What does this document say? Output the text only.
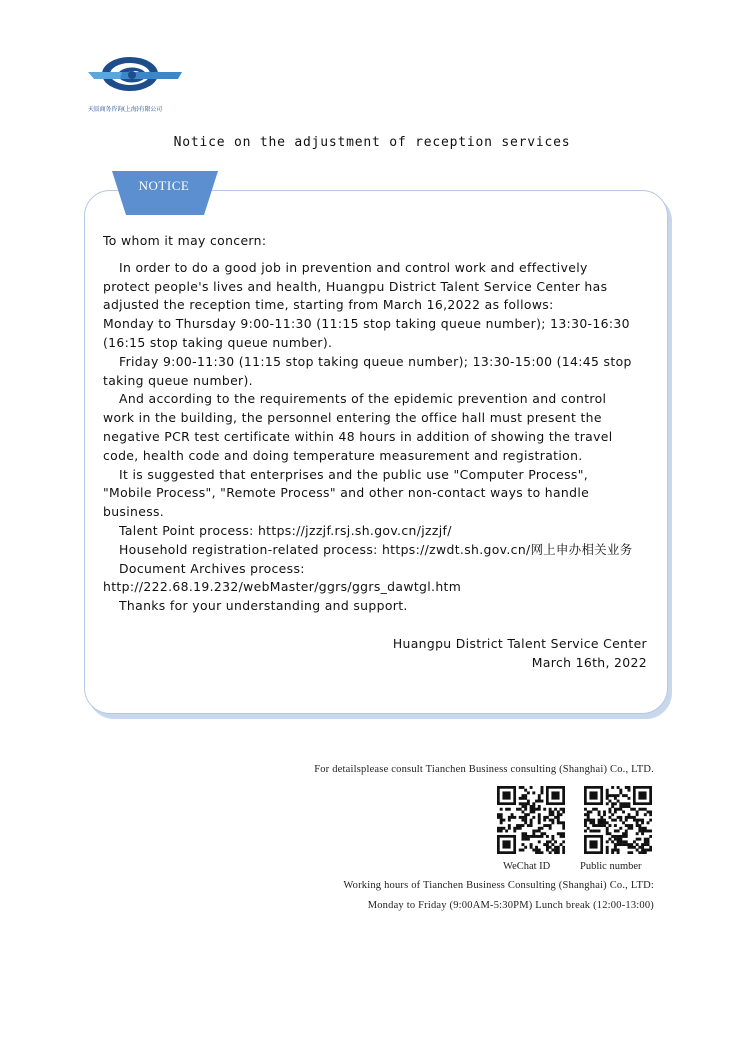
天辰商务咨询(上海)有限公司
Notice on the adjustment of reception services
NOTICE
To whom it may concern:
In order to do a good job in prevention and control work and effectively
protect people's lives and health, Huangpu District Talent Service Center has
adjusted the reception time, starting from March 16,2022 as follows:
Monday to Thursday 9:00-11:30 (11:15 stop taking queue number); 13:30-16:30
(16:15 stop taking queue number).
Friday 9:00-11:30 (11:15 stop taking queue number); 13:30-15:00 (14:45 stop
taking queue number).
And according to the requirements of the epidemic prevention and control
work in the building, the personnel entering the office hall must present the
negative PCR test certificate within 48 hours in addition of showing the travel
code, health code and doing temperature measurement and registration.
It is suggested that enterprises and the public use "Computer Process",
"Mobile Process", "Remote Process" and other non-contact ways to handle
business.
Talent Point process: https://jzzjf.rsj.sh.gov.cn/jzzjf/
Household registration-related process: https://zwdt.sh.gov.cn/网上申办相关业务
Document Archives process:
http://222.68.19.232/webMaster/ggrs/ggrs_dawtgl.htm
Thanks for your understanding and support.
Huangpu District Talent Service Center
March 16th, 2022
For detailsplease consult Tianchen Business consulting (Shanghai) Co., LTD.
WeChat ID	Public number
Working hours of Tianchen Business Consulting (Shanghai) Co., LTD:
Monday to Friday (9:00AM-5:30PM) Lunch break (12:00-13:00)
